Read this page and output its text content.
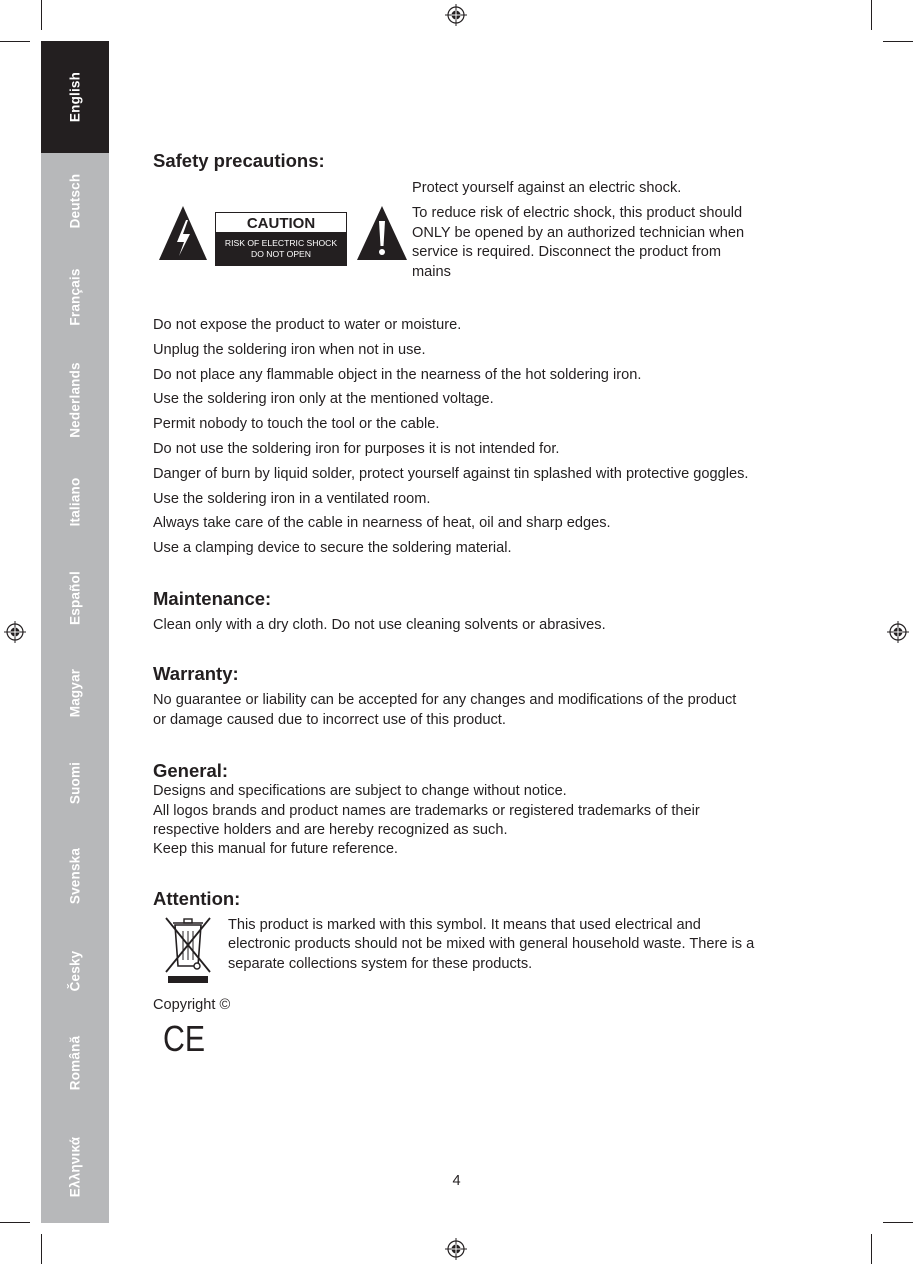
English
Deutsch
Français
Nederlands
Italiano
Español
Magyar
Suomi
Svenska
Česky
Română
Ελληνικά
Safety precautions:
CAUTION
RISK OF ELECTRIC SHOCK
DO NOT OPEN

Protect yourself against an electric shock.

To reduce risk of electric shock, this product should ONLY be opened by an authorized technician when service is required. Disconnect the product from mains

Do not expose the product to water or moisture.

Unplug the soldering iron when not in use.

Do not place any flammable object in the nearness of the hot soldering iron.

Use the soldering iron only at the mentioned voltage.

Permit nobody to touch the tool or the cable.

Do not use the soldering iron for purposes it is not intended for.

Danger of burn by liquid solder, protect yourself against tin splashed with protective goggles.

Use the soldering iron in a ventilated room.

Always take care of the cable in nearness of heat, oil and sharp edges.

Use a clamping device to secure the soldering material.

Maintenance:

Clean only with a dry cloth. Do not use cleaning solvents or abrasives.

Warranty:

No guarantee or liability can be accepted for any changes and modifications of the product or damage caused due to incorrect use of this product.

General:

Designs and specifications are subject to change without notice.

All logos brands and product names are trademarks or registered trademarks of their respective holders and are hereby recognized as such.

Keep this manual for future reference.

Attention:

This product is marked with this symbol. It means that used electrical and electronic products should not be mixed with general household waste. There is a separate collections system for these products.

Copyright ©

CE
4
